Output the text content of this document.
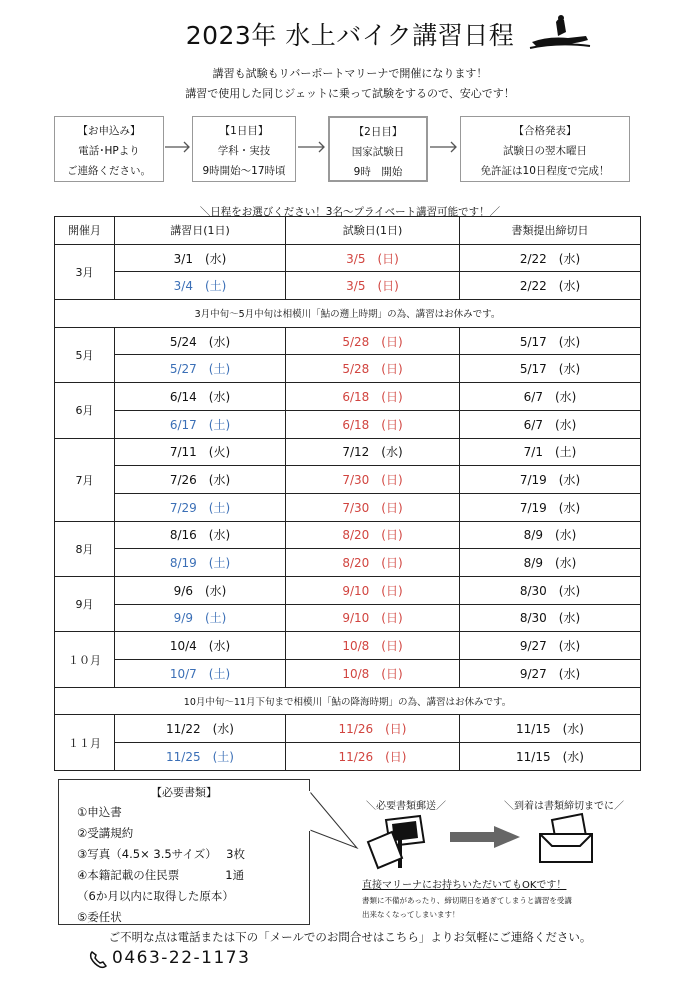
2023年 水上バイク講習日程
講習も試験もリバーポートマリーナで開催になります！
講習で使用した同じジェットに乗って試験をするので、安心です！
【お申込み】
電話･HPより
ご連絡ください。
【1日目】
学科・実技
9時開始～17時頃
【2日目】
国家試験日
9時　開始
【合格発表】
試験日の翌木曜日
免許証は10日程度で完成！
＼日程をお選びください！3名～プライベート講習可能です！／
開催月	講習日(1日)	試験日(1日)	書類提出締切日
3月	3/1　(水)	3/5　(日)	2/22　(水)
	3/4　(土)	3/5　(日)	2/22　(水)
3月中旬～5月中旬は相模川「鮎の遡上時期」の為、講習はお休みです。			
5月	5/24　(水)	5/28　(日)	5/17　(水)
	5/27　(土)	5/28　(日)	5/17　(水)
6月	6/14　(水)	6/18　(日)	6/7　(水)
	6/17　(土)	6/18　(日)	6/7　(水)
7月	7/11　(火)	7/12　(水)	7/1　(土)
	7/26　(水)	7/30　(日)	7/19　(水)
	7/29　(土)	7/30　(日)	7/19　(水)
8月	8/16　(水)	8/20　(日)	8/9　(水)
	8/19　(土)	8/20　(日)	8/9　(水)
9月	9/6　(水)	9/10　(日)	8/30　(水)
	9/9　(土)	9/10　(日)	8/30　(水)
１０月	10/4　(水)	10/8　(日)	9/27　(水)
	10/7　(土)	10/8　(日)	9/27　(水)
10月中旬～11月下旬まで相模川「鮎の降海時期」の為、講習はお休みです。			
１１月	11/22　(水)	11/26　(日)	11/15　(水)
	11/25　(土)	11/26　(日)	11/15　(水)
【必要書類】
①申込書
②受講規約
③写真（4.5× 3.5サイズ）　 3枚
④本籍記載の住民票　　　　1通
（6か月以内に取得した原本）
⑤委任状
＼必要書類郵送／	＼到着は書類締切までに／
直接マリーナにお持ちいただいてもOKです！
書類に不備があったり、締切期日を過ぎてしまうと講習を受講
出来なくなってしまいます！
ご不明な点は電話または下の「メールでのお問合せはこちら」よりお気軽にご連絡ください。
0463-22-1173
